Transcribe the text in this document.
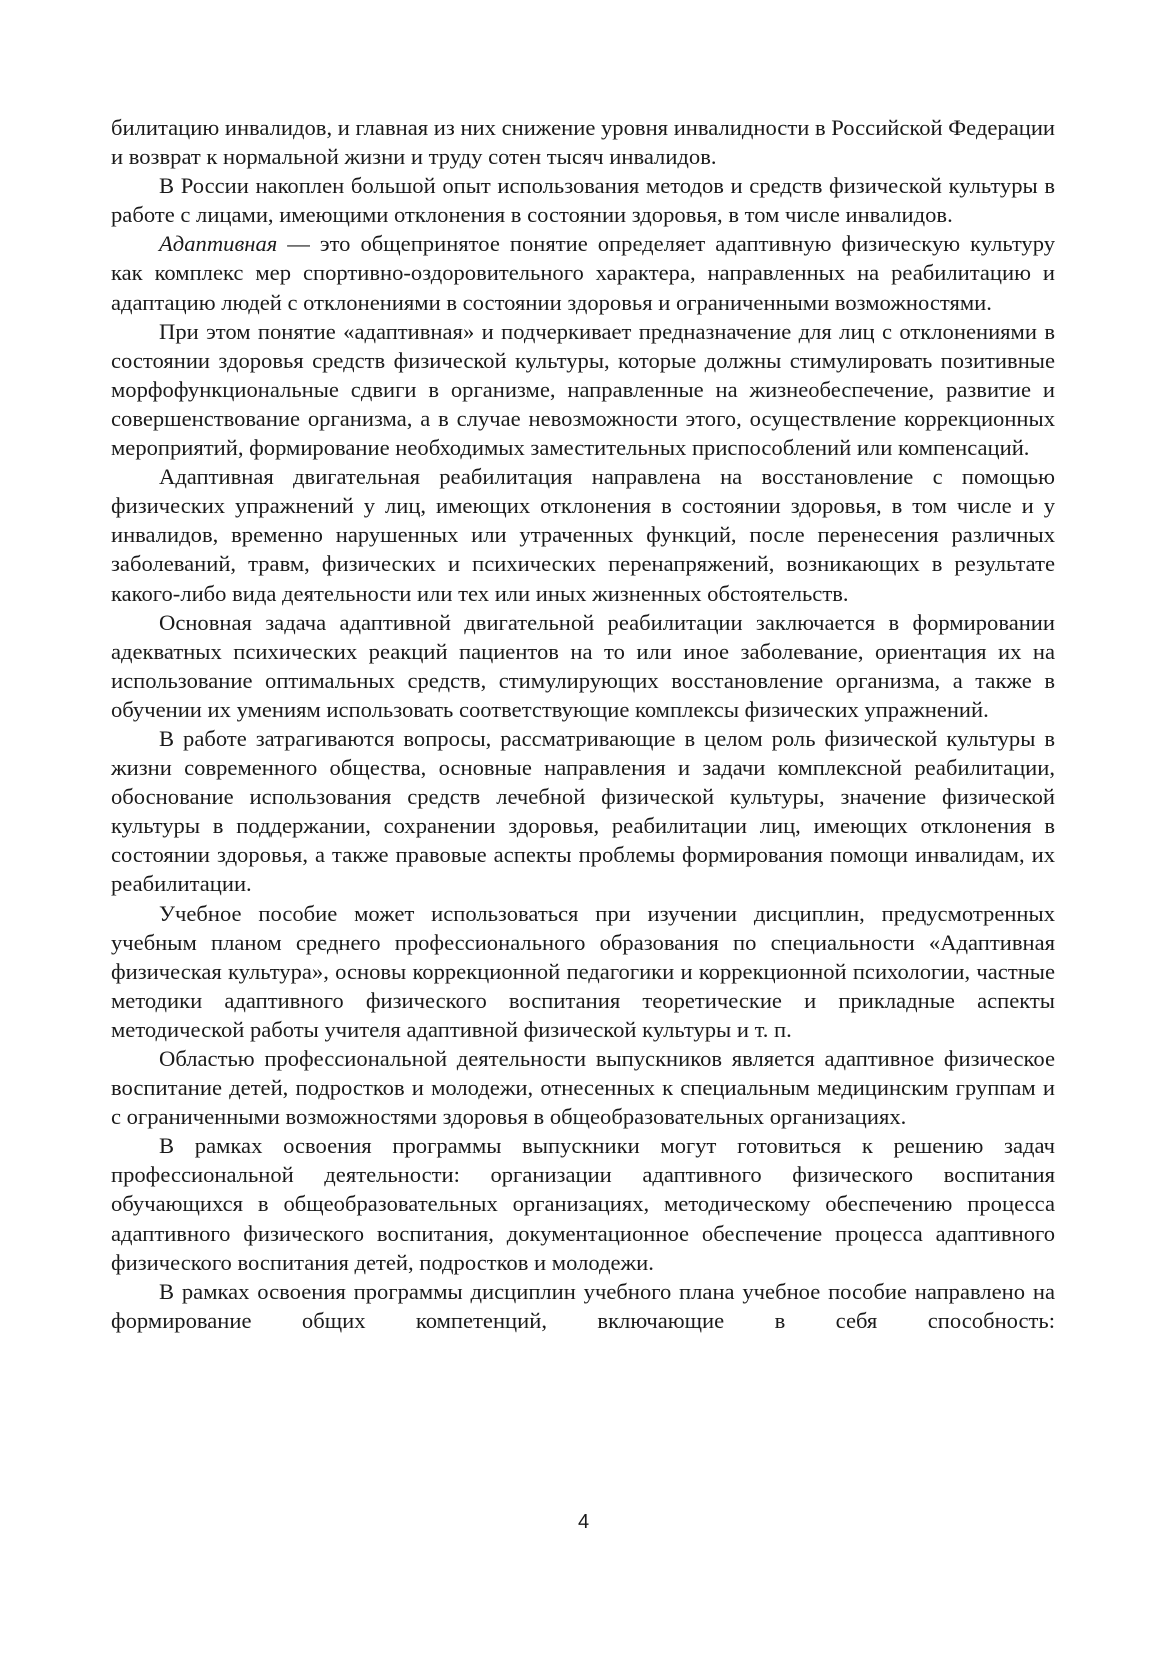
билитацию инвалидов, и главная из них снижение уровня инвалидности в Российской Федерации и возврат к нормальной жизни и труду сотен тысяч инвалидов.

В России накоплен большой опыт использования методов и средств физической культуры в работе с лицами, имеющими отклонения в состоянии здоровья, в том числе инвалидов.

Адаптивная — это общепринятое понятие определяет адаптивную физическую культуру как комплекс мер спортивно-оздоровительного характера, направленных на реабилитацию и адаптацию людей с отклонениями в состоянии здоровья и ограниченными возможностями.

При этом понятие «адаптивная» и подчеркивает предназначение для лиц с отклонениями в состоянии здоровья средств физической культуры, которые должны стимулировать позитивные морфофункциональные сдвиги в организме, направленные на жизнеобеспечение, развитие и совершенствование организма, а в случае невозможности этого, осуществление коррекционных мероприятий, формирование необходимых заместительных приспособлений или компенсаций.

Адаптивная двигательная реабилитация направлена на восстановление с помощью физических упражнений у лиц, имеющих отклонения в состоянии здоровья, в том числе и у инвалидов, временно нарушенных или утраченных функций, после перенесения различных заболеваний, травм, физических и психических перенапряжений, возникающих в результате какого-либо вида деятельности или тех или иных жизненных обстоятельств.

Основная задача адаптивной двигательной реабилитации заключается в формировании адекватных психических реакций пациентов на то или иное заболевание, ориентация их на использование оптимальных средств, стимулирующих восстановление организма, а также в обучении их умениям использовать соответствующие комплексы физических упражнений.

В работе затрагиваются вопросы, рассматривающие в целом роль физической культуры в жизни современного общества, основные направления и задачи комплексной реабилитации, обоснование использования средств лечебной физической культуры, значение физической культуры в поддержании, сохранении здоровья, реабилитации лиц, имеющих отклонения в состоянии здоровья, а также правовые аспекты проблемы формирования помощи инвалидам, их реабилитации.

Учебное пособие может использоваться при изучении дисциплин, предусмотренных учебным планом среднего профессионального образования по специальности «Адаптивная физическая культура», основы коррекционной педагогики и коррекционной психологии, частные методики адаптивного физического воспитания теоретические и прикладные аспекты методической работы учителя адаптивной физической культуры и т. п.

Областью профессиональной деятельности выпускников является адаптивное физическое воспитание детей, подростков и молодежи, отнесенных к специальным медицинским группам и с ограниченными возможностями здоровья в общеобразовательных организациях.

В рамках освоения программы выпускники могут готовиться к решению задач профессиональной деятельности: организации адаптивного физического воспитания обучающихся в общеобразовательных организациях, методическому обеспечению процесса адаптивного физического воспитания, документационное обеспечение процесса адаптивного физического воспитания детей, подростков и молодежи.

В рамках освоения программы дисциплин учебного плана учебное пособие направлено на формирование общих компетенций, включающие в себя способность:

4
